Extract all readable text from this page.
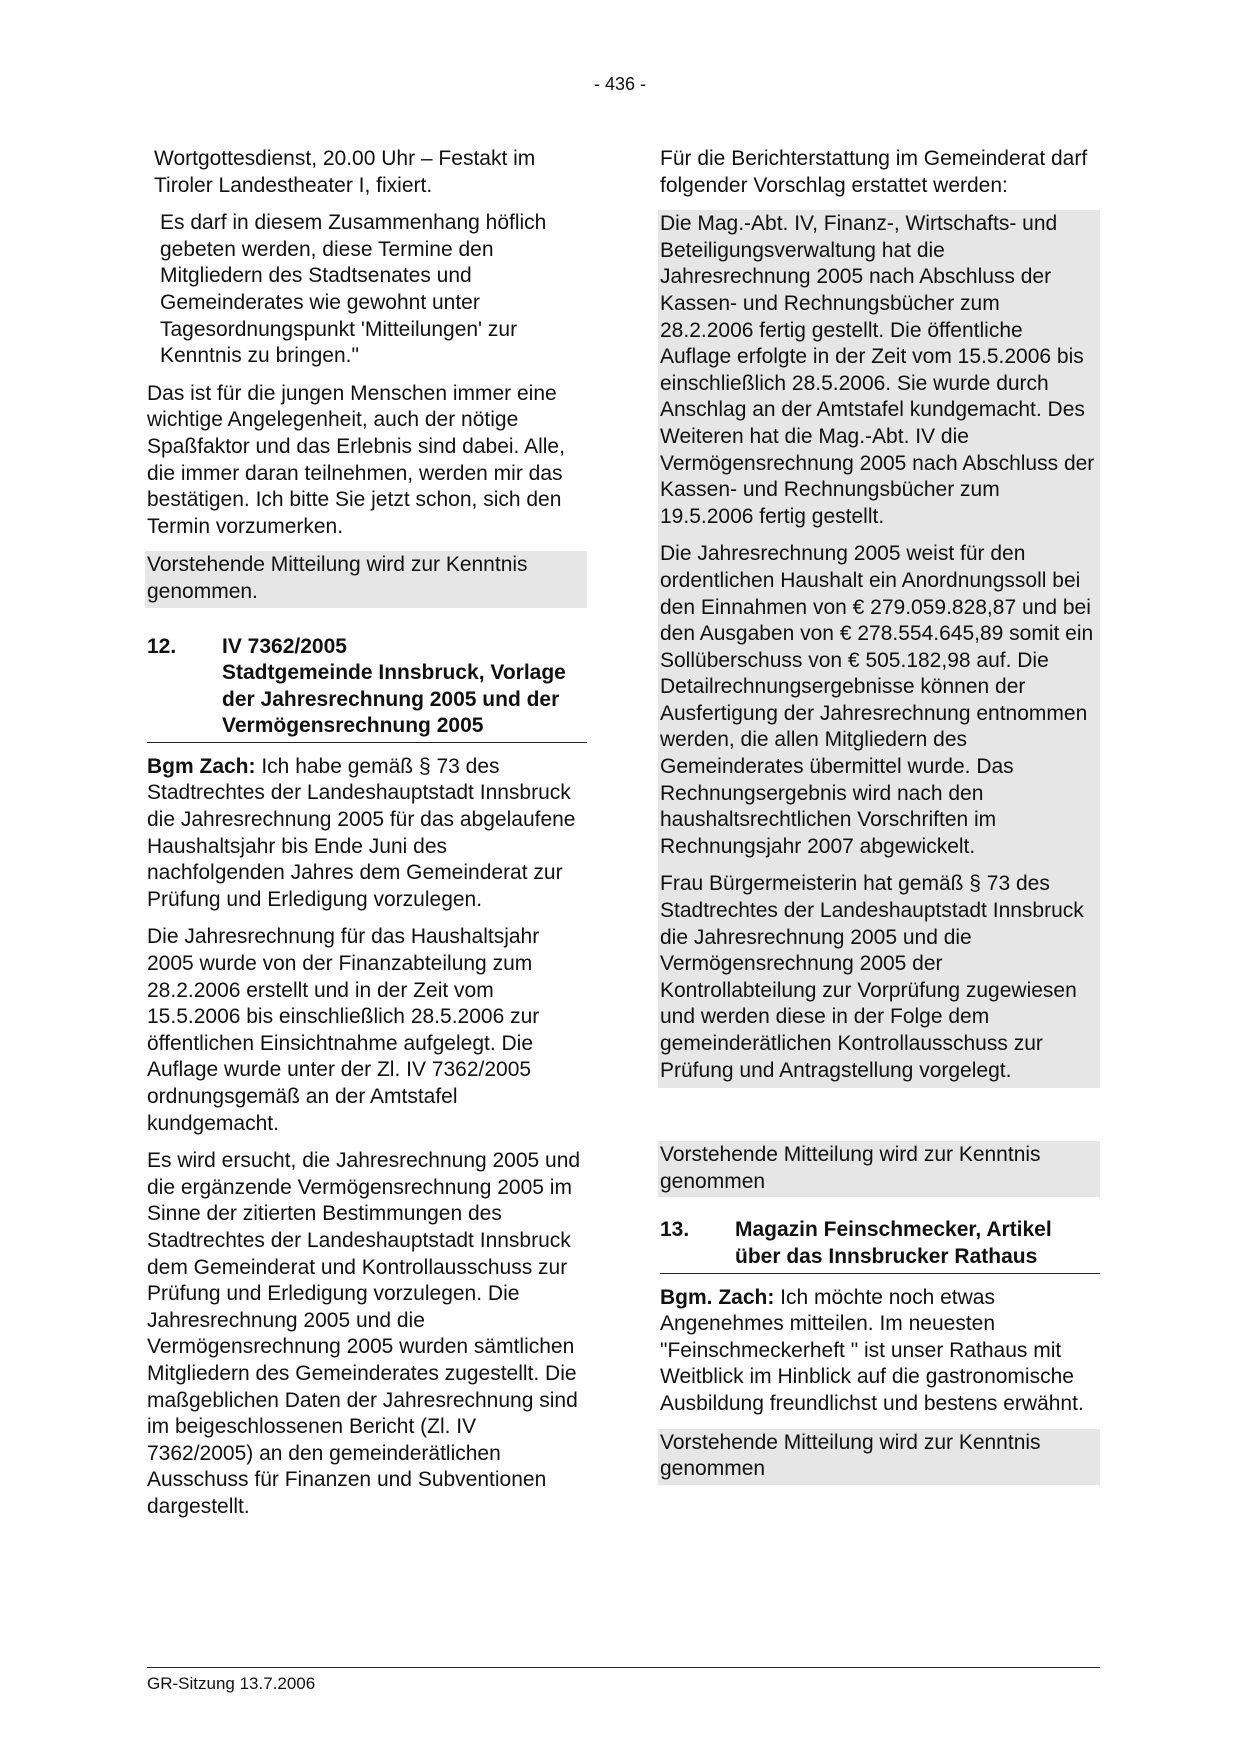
- 436 -

Wortgottesdienst, 20.00 Uhr – Festakt im Tiroler Landestheater I, fixiert.

Es darf in diesem Zusammenhang höflich gebeten werden, diese Termine den Mitgliedern des Stadtsenates und Gemeinderates wie gewohnt unter Tagesordnungspunkt 'Mitteilungen' zur Kenntnis zu bringen."

Das ist für die jungen Menschen immer eine wichtige Angelegenheit, auch der nötige Spaßfaktor und das Erlebnis sind dabei. Alle, die immer daran teilnehmen, werden mir das bestätigen. Ich bitte Sie jetzt schon, sich den Termin vorzumerken.

Vorstehende Mitteilung wird zur Kenntnis genommen.

12.	IV 7362/2005
Stadtgemeinde Innsbruck, Vorlage der Jahresrechnung 2005 und der Vermögensrechnung 2005

Bgm Zach: Ich habe gemäß § 73 des Stadtrechtes der Landeshauptstadt Innsbruck die Jahresrechnung 2005 für das abgelaufene Haushaltsjahr bis Ende Juni des nachfolgenden Jahres dem Gemeinderat zur Prüfung und Erledigung vorzulegen.

Die Jahresrechnung für das Haushaltsjahr 2005 wurde von der Finanzabteilung zum 28.2.2006 erstellt und in der Zeit vom 15.5.2006 bis einschließlich 28.5.2006 zur öffentlichen Einsichtnahme aufgelegt. Die Auflage wurde unter der Zl. IV 7362/2005 ordnungsgemäß an der Amtstafel kundgemacht.

Es wird ersucht, die Jahresrechnung 2005 und die ergänzende Vermögensrechnung 2005 im Sinne der zitierten Bestimmungen des Stadtrechtes der Landeshauptstadt Innsbruck dem Gemeinderat und Kontrollausschuss zur Prüfung und Erledigung vorzulegen. Die Jahresrechnung 2005 und die Vermögensrechnung 2005 wurden sämtlichen Mitgliedern des Gemeinderates zugestellt. Die maßgeblichen Daten der Jahresrechnung sind im beigeschlossenen Bericht (Zl. IV 7362/2005) an den gemeinderätlichen Ausschuss für Finanzen und Subventionen dargestellt.

Für die Berichterstattung im Gemeinderat darf folgender Vorschlag erstattet werden:

Die Mag.-Abt. IV, Finanz-, Wirtschafts- und Beteiligungsverwaltung hat die Jahresrechnung 2005 nach Abschluss der Kassen- und Rechnungsbücher zum 28.2.2006 fertig gestellt. Die öffentliche Auflage erfolgte in der Zeit vom 15.5.2006 bis einschließlich 28.5.2006. Sie wurde durch Anschlag an der Amtstafel kundgemacht. Des Weiteren hat die Mag.-Abt. IV die Vermögensrechnung 2005 nach Abschluss der Kassen- und Rechnungsbücher zum 19.5.2006 fertig gestellt.

Die Jahresrechnung 2005 weist für den ordentlichen Haushalt ein Anordnungssoll bei den Einnahmen von € 279.059.828,87 und bei den Ausgaben von € 278.554.645,89 somit ein Sollüberschuss von € 505.182,98 auf. Die Detailrechnungsergebnisse können der Ausfertigung der Jahresrechnung entnommen werden, die allen Mitgliedern des Gemeinderates übermittel wurde. Das Rechnungsergebnis wird nach den haushaltsrechtlichen Vorschriften im Rechnungsjahr 2007 abgewickelt.

Frau Bürgermeisterin hat gemäß § 73 des Stadtrechtes der Landeshauptstadt Innsbruck die Jahresrechnung 2005 und die Vermögensrechnung 2005 der Kontrollabteilung zur Vorprüfung zugewiesen und werden diese in der Folge dem gemeinderätlichen Kontrollausschuss zur Prüfung und Antragstellung vorgelegt.

Vorstehende Mitteilung wird zur Kenntnis genommen

13.	Magazin Feinschmecker, Artikel über das Innsbrucker Rathaus

Bgm. Zach: Ich möchte noch etwas Angenehmes mitteilen. Im neuesten "Feinschmeckerheft " ist unser Rathaus mit Weitblick im Hinblick auf die gastronomische Ausbildung freundlichst und bestens erwähnt.

Vorstehende Mitteilung wird zur Kenntnis genommen

GR-Sitzung 13.7.2006
